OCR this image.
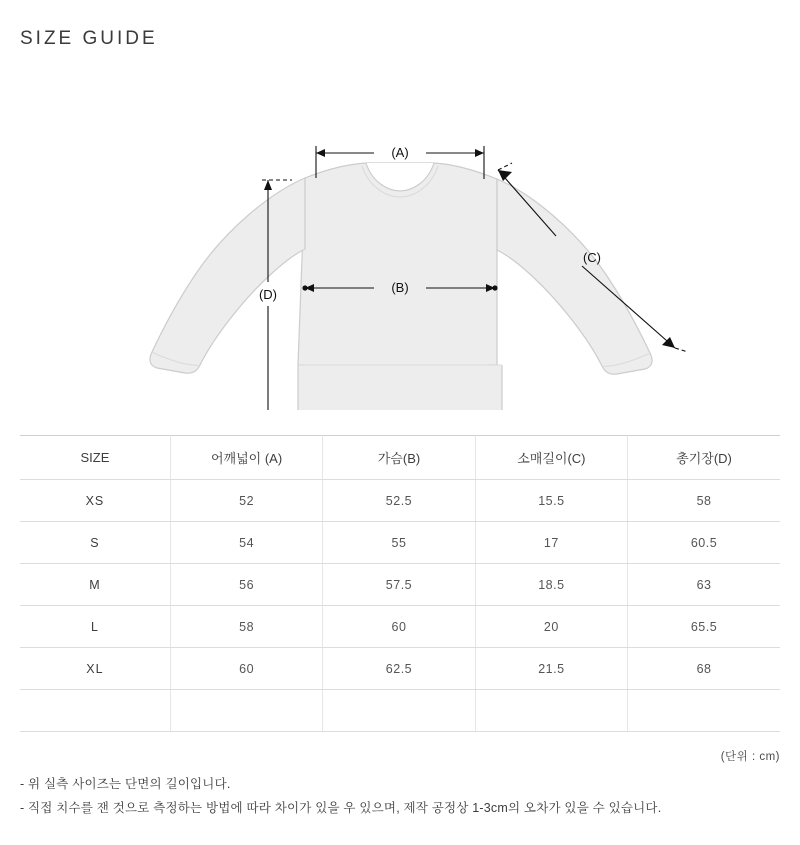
SIZE GUIDE
(A)
(B)
(C)
(D)
SIZE	어깨넓이 (A)	가슴(B)	소매길이(C)	총기장(D)
XS	52	52.5	15.5	58
S	54	55	17	60.5
M	56	57.5	18.5	63
L	58	60	20	65.5
XL	60	62.5	21.5	68

(단위 : cm)
- 위 실측 사이즈는 단면의 길이입니다.
- 직접 치수를 잰 것으로 측정하는 방법에 따라 차이가 있을 우 있으며, 제작 공정상 1-3cm의 오차가 있을 수 있습니다.
